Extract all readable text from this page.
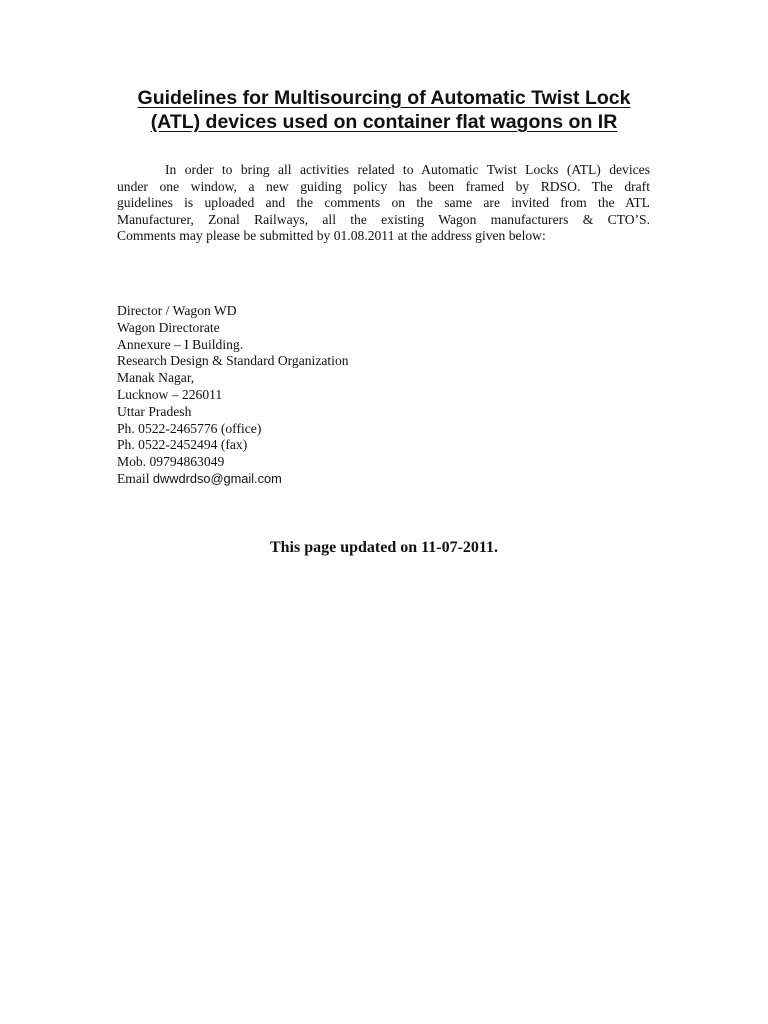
Guidelines for Multisourcing of Automatic Twist Lock
(ATL) devices used on container flat wagons on IR
In order to bring all activities related to Automatic Twist Locks (ATL) devices
under one window, a new guiding policy has been framed by RDSO. The draft
guidelines is uploaded and the comments on the same are invited from the ATL
Manufacturer, Zonal Railways, all the existing Wagon manufacturers & CTO’S.
Comments may please be submitted by 01.08.2011 at the address given below:
Director / Wagon WD
Wagon Directorate
Annexure – I Building.
Research Design & Standard Organization
Manak Nagar,
Lucknow – 226011
Uttar Pradesh
Ph. 0522-2465776 (office)
Ph. 0522-2452494 (fax)
Mob. 09794863049
Email dwwdrdso@gmail.com
This page updated on 11-07-2011.
